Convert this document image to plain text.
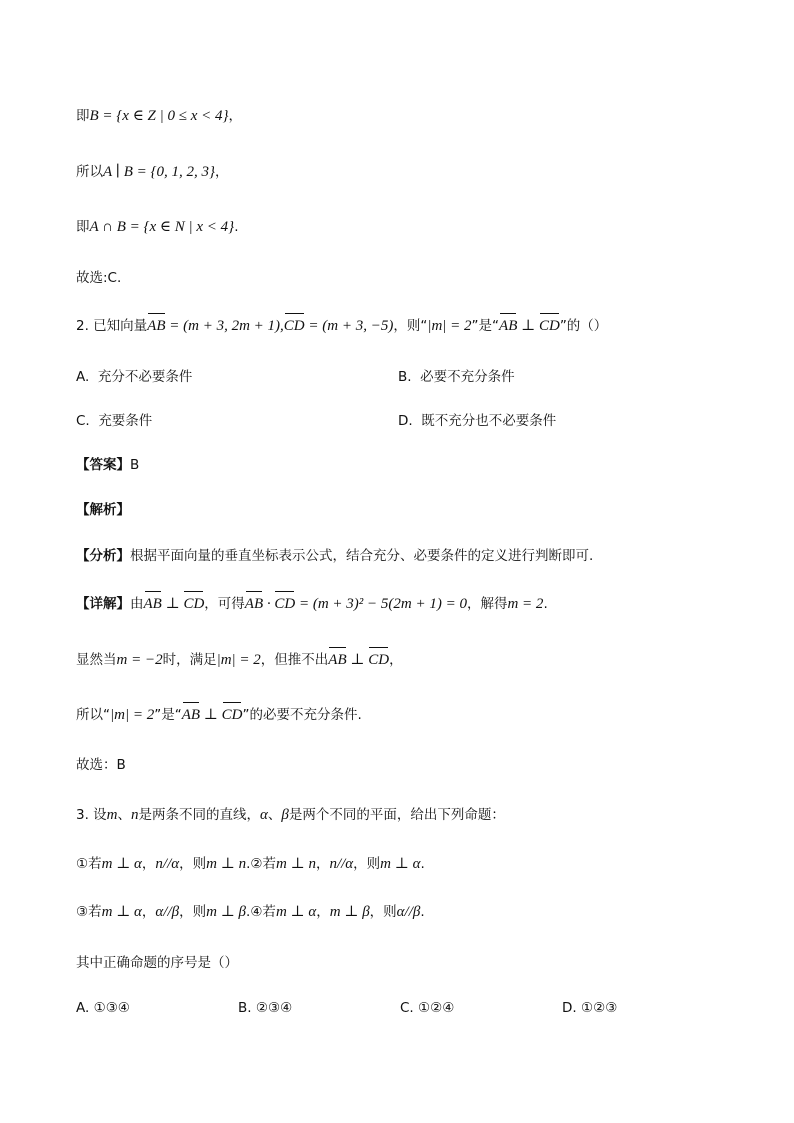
即B = {x ∈ Z | 0 ≤ x < 4}，
所以A ∣ B = {0, 1, 2, 3}，
即A ∩ B = {x ∈ N | x < 4}.
故选:C.
2. 已知向量AB = (m + 3, 2m + 1),CD = (m + 3, −5)，则“|m| = 2”是“AB ⊥ CD”的（）
A. 充分不必要条件	B. 必要不充分条件
C. 充要条件	D. 既不充分也不必要条件
【答案】B
【解析】
【分析】根据平面向量的垂直坐标表示公式，结合充分、必要条件的定义进行判断即可.
【详解】由AB ⊥ CD，可得AB · CD = (m + 3)² − 5(2m + 1) = 0，解得m = 2.
显然当m = −2时，满足|m| = 2，但推不出AB ⊥ CD，
所以“|m| = 2”是“AB ⊥ CD”的必要不充分条件.
故选：B
3. 设m、n是两条不同的直线，α、β是两个不同的平面，给出下列命题：
①若m ⊥ α，n//α，则m ⊥ n.②若m ⊥ n，n//α，则m ⊥ α.
③若m ⊥ α，α//β，则m ⊥ β.④若m ⊥ α，m ⊥ β，则α//β.
其中正确命题的序号是（）
A. ①③④	B. ②③④	C. ①②④	D. ①②③
